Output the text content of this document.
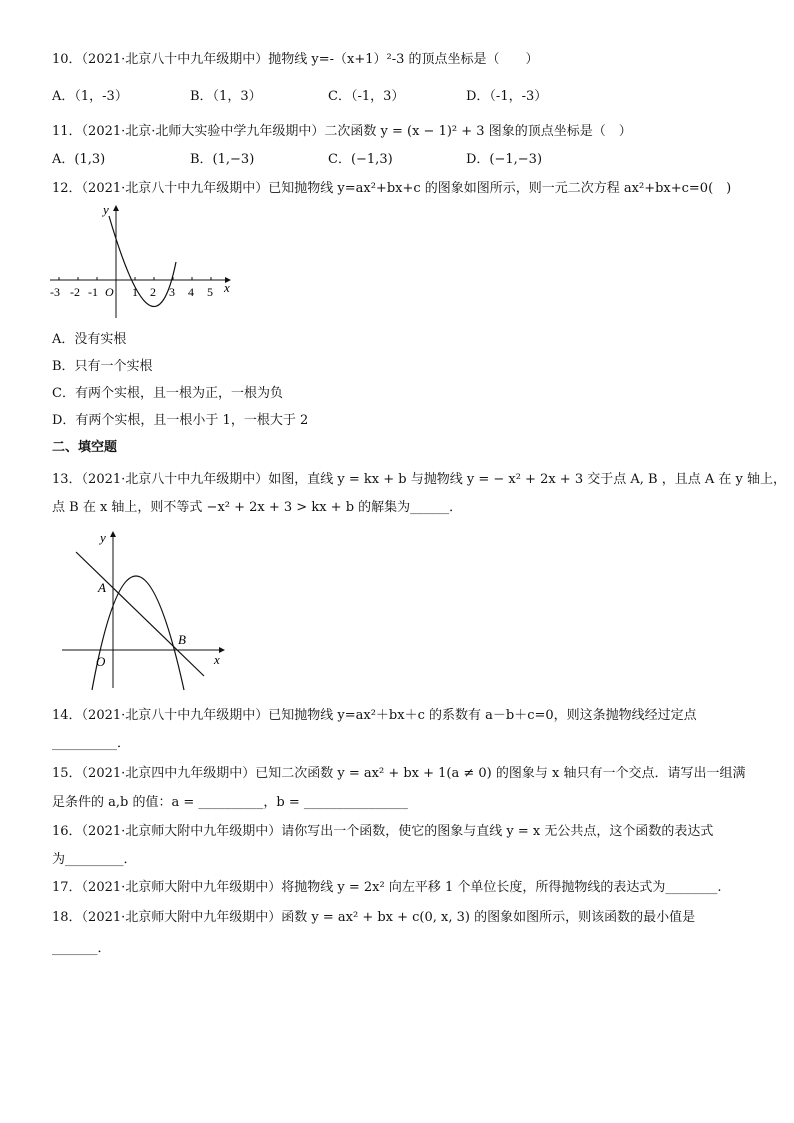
10．（2021·北京八十中九年级期中）抛物线 y=-（x+1）²-3 的顶点坐标是（　　）
A．（1，-3）	B．（1，3）	C．（-1，3）	D．（-1，-3）
11．（2021·北京·北师大实验中学九年级期中）二次函数 y = (x − 1)² + 3 图象的顶点坐标是（　）
A．(1,3)	B．(1,−3)	C．(−1,3)	D．(−1,−3)
12．（2021·北京八十中九年级期中）已知抛物线 y=ax²+bx+c 的图象如图所示，则一元二次方程 ax²+bx+c=0(　)
-3 -2 -1 O 1 2 3 4 5 x
y
A．没有实根
B．只有一个实根
C．有两个实根，且一根为正，一根为负
D．有两个实根，且一根小于 1，一根大于 2
二、填空题
13．（2021·北京八十中九年级期中）如图，直线 y = kx + b 与抛物线 y = − x² + 2x + 3 交于点 A, B ，且点 A 在 y 轴上，
点 B 在 x 轴上，则不等式 −x² + 2x + 3 > kx + b 的解集为______．
A
B
O	x
y
14．（2021·北京八十中九年级期中）已知抛物线 y=ax²＋bx＋c 的系数有 a－b＋c=0，则这条抛物线经过定点
__________．
15．（2021·北京四中九年级期中）已知二次函数 y = ax² + bx + 1(a ≠ 0) 的图象与 x 轴只有一个交点．请写出一组满
足条件的 a,b 的值：a = __________，b = ________________
16．（2021·北京师大附中九年级期中）请你写出一个函数，使它的图象与直线 y = x 无公共点，这个函数的表达式
为_________．
17．（2021·北京师大附中九年级期中）将抛物线 y = 2x² 向左平移 1 个单位长度，所得抛物线的表达式为________.
18．（2021·北京师大附中九年级期中）函数 y = ax² + bx + c(0, x, 3) 的图象如图所示，则该函数的最小值是
_______．
